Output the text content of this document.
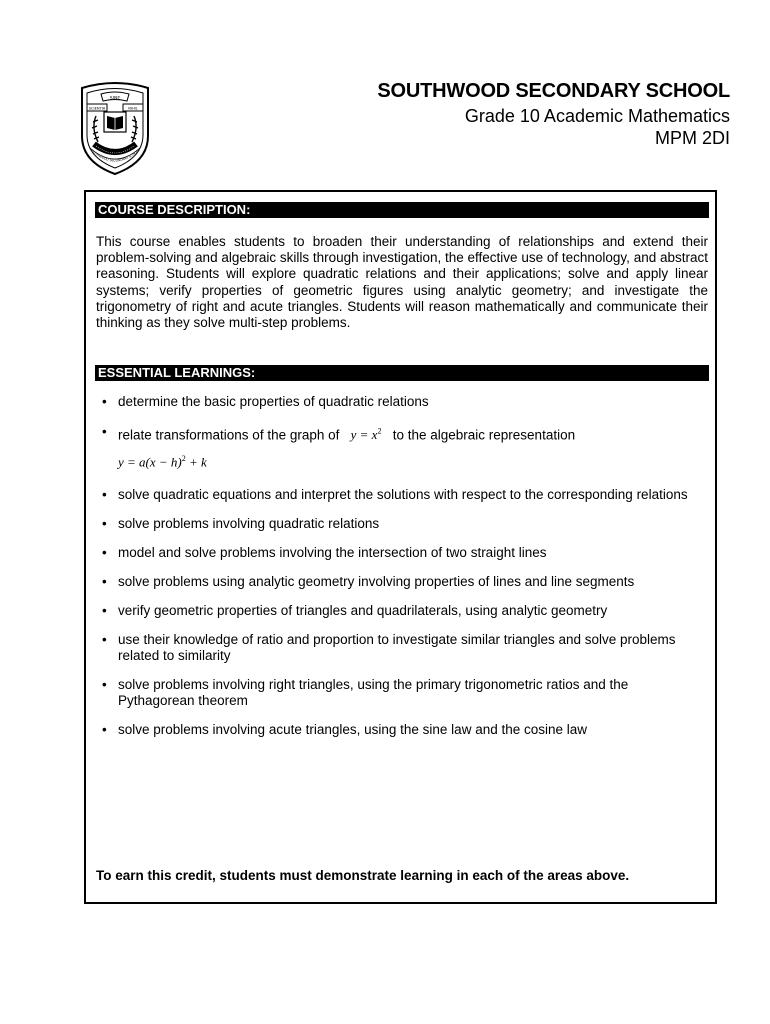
SINE
SCIENTIA	NIHIL
OUTHWOOD SECONDARY SCHOO
SOUTHWOOD SECONDARY SCHOOL
Grade 10 Academic Mathematics
MPM 2DI
COURSE DESCRIPTION:
This course enables students to broaden their understanding of relationships and extend their problem-solving and algebraic skills through investigation, the effective use of technology, and abstract reasoning. Students will explore quadratic relations and their applications; solve and apply linear systems; verify properties of geometric figures using analytic geometry; and investigate the trigonometry of right and acute triangles. Students will reason mathematically and communicate their thinking as they solve multi-step problems.
ESSENTIAL LEARNINGS:
• determine the basic properties of quadratic relations
• relate transformations of the graph of $y = x^2$ to the algebraic representation
$y = a(x - h)^2 + k$
• solve quadratic equations and interpret the solutions with respect to the corresponding relations
• solve problems involving quadratic relations
• model and solve problems involving the intersection of two straight lines
• solve problems using analytic geometry involving properties of lines and line segments
• verify geometric properties of triangles and quadrilaterals, using analytic geometry
• use their knowledge of ratio and proportion to investigate similar triangles and solve problems related to similarity
• solve problems involving right triangles, using the primary trigonometric ratios and the Pythagorean theorem
• solve problems involving acute triangles, using the sine law and the cosine law
To earn this credit, students must demonstrate learning in each of the areas above.
